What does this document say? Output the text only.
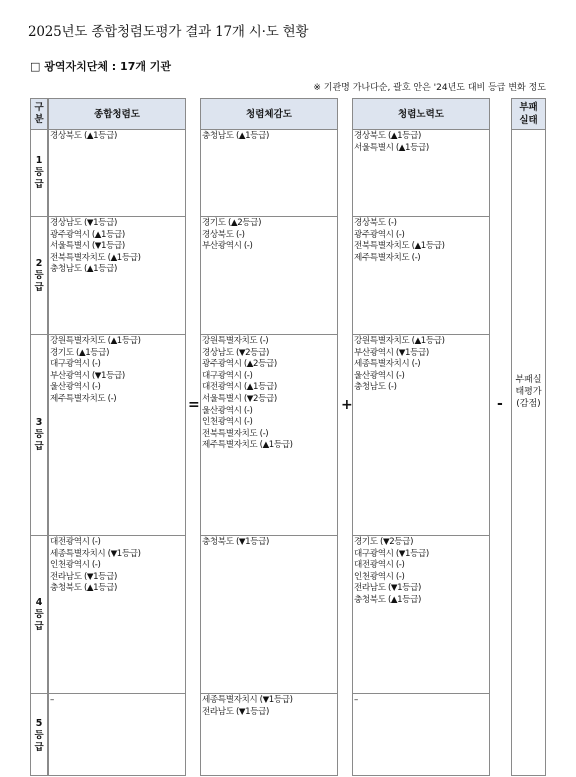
2025년도 종합청렴도평가 결과 17개 시·도 현황
□ 광역자치단체 : 17개 기관
※ 기관명 가나다순, 괄호 안은 '24년도 대비 등급 변화 정도
구분
1등급
2등급
3등급
4등급
5등급
종합청렴도
경상북도 (▲1등급)
경상남도 (▼1등급)
광주광역시 (▲1등급)
서울특별시 (▼1등급)
전북특별자치도 (▲1등급)
충청남도 (▲1등급)
강원특별자치도 (▲1등급)
경기도 (▲1등급)
대구광역시 (-)
부산광역시 (▼1등급)
울산광역시 (-)
제주특별자치도 (-)
대전광역시 (-)
세종특별자치시 (▼1등급)
인천광역시 (-)
전라남도 (▼1등급)
충청북도 (▲1등급)
–
청렴체감도
충청남도 (▲1등급)
경기도 (▲2등급)
경상북도 (-)
부산광역시 (-)
강원특별자치도 (-)
경상남도 (▼2등급)
광주광역시 (▲2등급)
대구광역시 (-)
대전광역시 (▲1등급)
서울특별시 (▼2등급)
울산광역시 (-)
인천광역시 (-)
전북특별자치도 (-)
제주특별자치도 (▲1등급)
충청북도 (▼1등급)
세종특별자치시 (▼1등급)
전라남도 (▼1등급)
청렴노력도
경상북도 (▲1등급)
서울특별시 (▲1등급)
경상북도 (-)
광주광역시 (-)
전북특별자치도 (▲1등급)
제주특별자치도 (-)
강원특별자치도 (▲1등급)
부산광역시 (▼1등급)
세종특별자치시 (-)
울산광역시 (-)
충청남도 (-)
경기도 (▼2등급)
대구광역시 (▼1등급)
대전광역시 (-)
인천광역시 (-)
전라남도 (▼1등급)
충청북도 (▲1등급)
–
부패실태
부패실태평가(감점)
=	+	-
